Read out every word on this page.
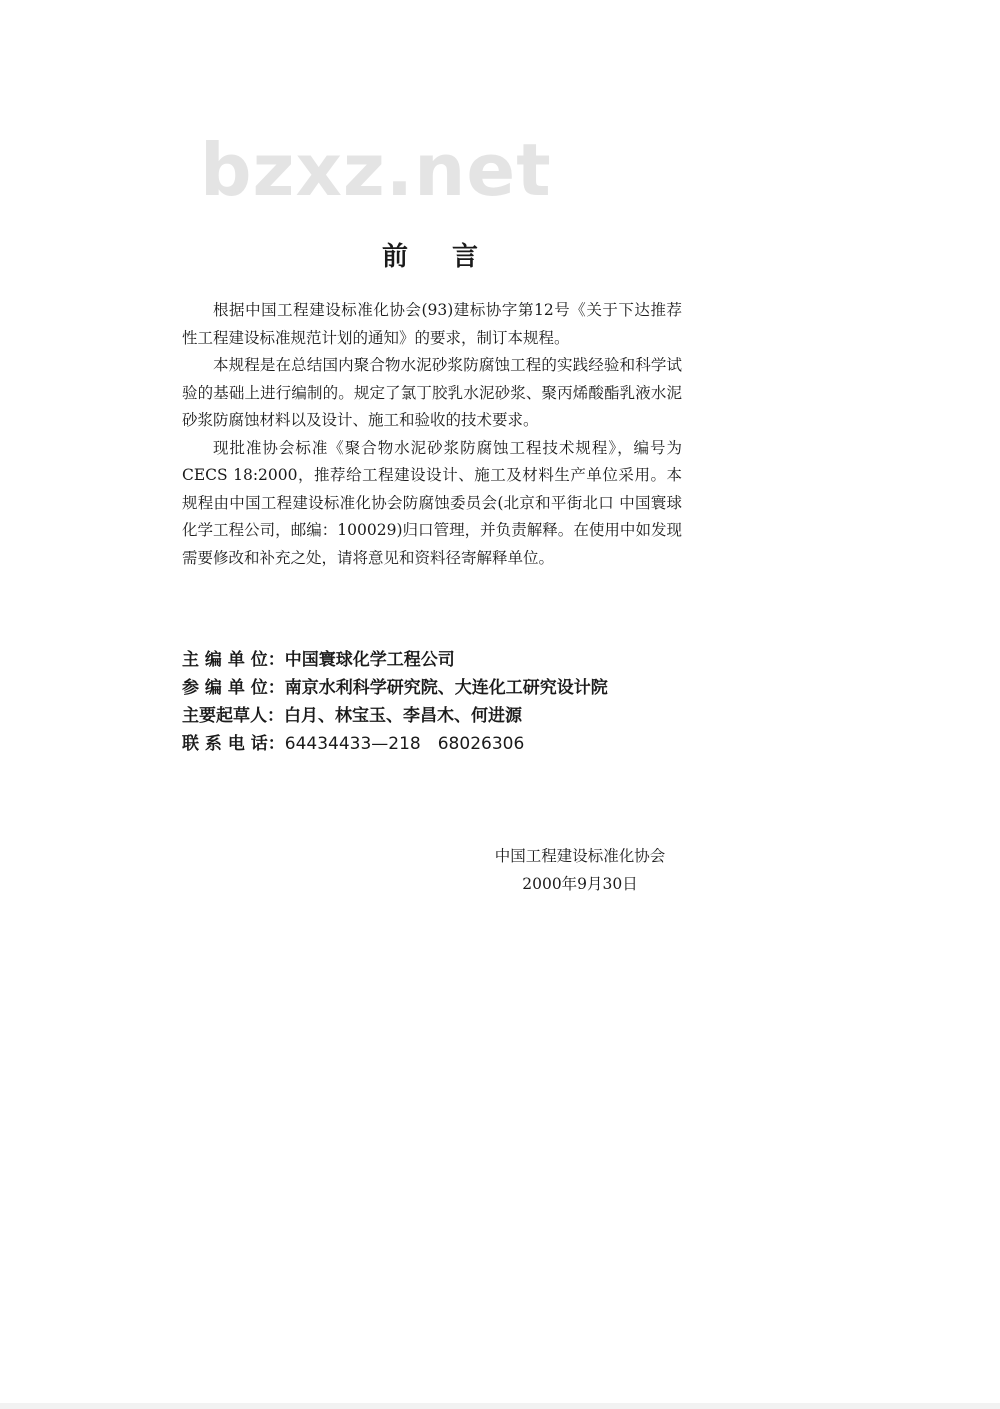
bzxz.net
前言

根据中国工程建设标准化协会(93)建标协字第12号《关于下达推荐性工程建设标准规范计划的通知》的要求，制订本规程。

本规程是在总结国内聚合物水泥砂浆防腐蚀工程的实践经验和科学试验的基础上进行编制的。规定了氯丁胶乳水泥砂浆、聚丙烯酸酯乳液水泥砂浆防腐蚀材料以及设计、施工和验收的技术要求。

现批准协会标准《聚合物水泥砂浆防腐蚀工程技术规程》，编号为CECS 18:2000，推荐给工程建设设计、施工及材料生产单位采用。本规程由中国工程建设标准化协会防腐蚀委员会(北京和平街北口 中国寰球化学工程公司，邮编：100029)归口管理，并负责解释。在使用中如发现需要修改和补充之处，请将意见和资料径寄解释单位。

主 编 单 位：中国寰球化学工程公司
参 编 单 位：南京水利科学研究院、大连化工研究设计院
主要起草人：白月、林宝玉、李昌木、何进源
联 系 电 话：64434433—218　68026306
中国工程建设标准化协会
2000年9月30日
